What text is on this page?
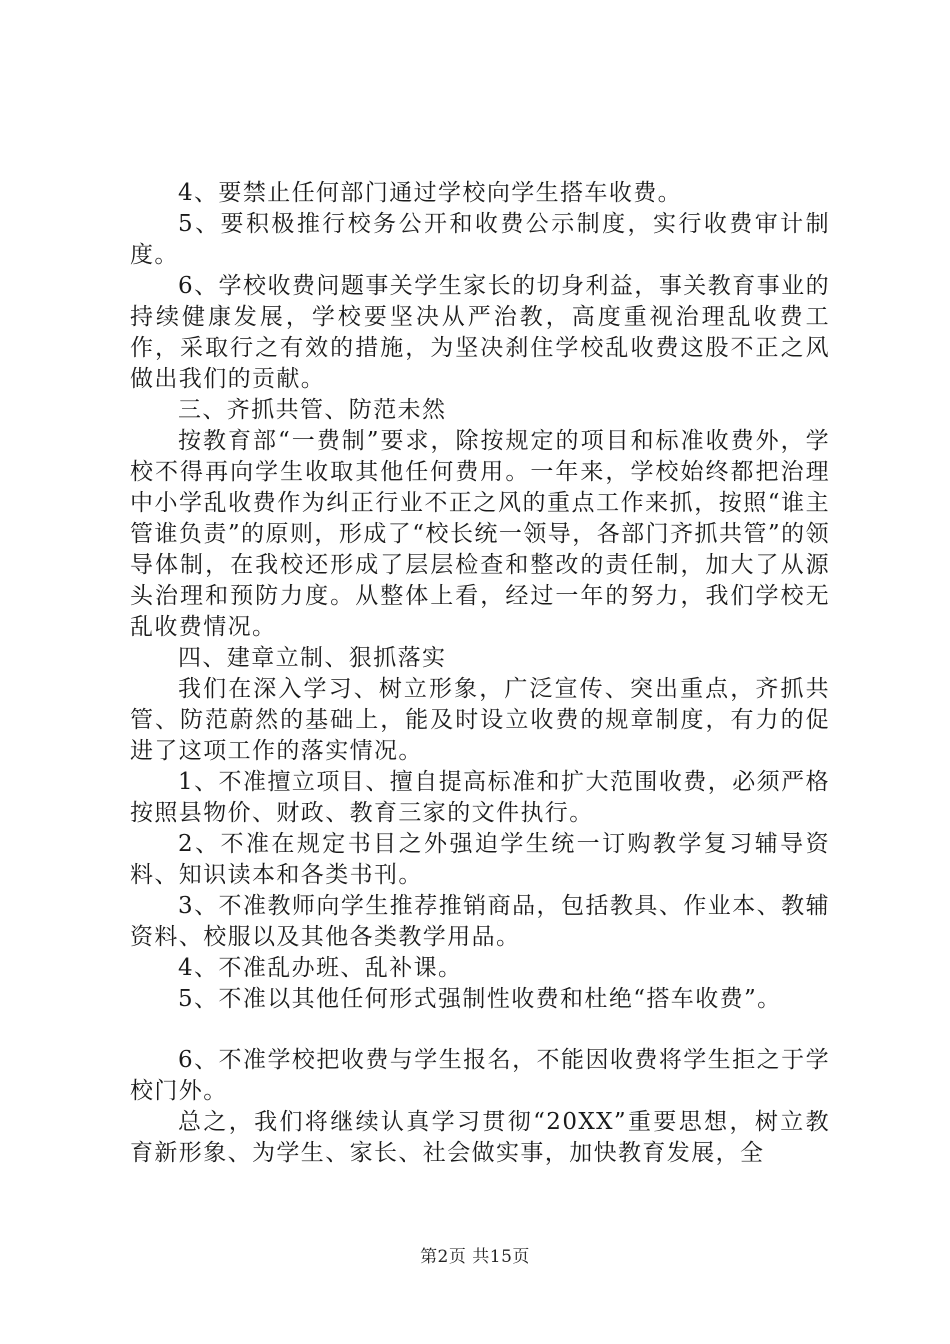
4、要禁止任何部门通过学校向学生搭车收费。

5、要积极推行校务公开和收费公示制度，实行收费审计制度。

6、学校收费问题事关学生家长的切身利益，事关教育事业的持续健康发展，学校要坚决从严治教，高度重视治理乱收费工作，采取行之有效的措施，为坚决刹住学校乱收费这股不正之风做出我们的贡献。

三、齐抓共管、防范未然

按教育部“一费制”要求，除按规定的项目和标准收费外，学校不得再向学生收取其他任何费用。一年来，学校始终都把治理中小学乱收费作为纠正行业不正之风的重点工作来抓，按照“谁主管谁负责”的原则，形成了“校长统一领导，各部门齐抓共管”的领导体制，在我校还形成了层层检查和整改的责任制，加大了从源头治理和预防力度。从整体上看，经过一年的努力，我们学校无乱收费情况。

四、建章立制、狠抓落实

我们在深入学习、树立形象，广泛宣传、突出重点，齐抓共管、防范蔚然的基础上，能及时设立收费的规章制度，有力的促进了这项工作的落实情况。

1、不准擅立项目、擅自提高标准和扩大范围收费，必须严格按照县物价、财政、教育三家的文件执行。

2、不准在规定书目之外强迫学生统一订购教学复习辅导资料、知识读本和各类书刊。

3、不准教师向学生推荐推销商品，包括教具、作业本、教辅资料、校服以及其他各类教学用品。

4、不准乱办班、乱补课。

5、不准以其他任何形式强制性收费和杜绝“搭车收费”。

6、不准学校把收费与学生报名，不能因收费将学生拒之于学校门外。

总之，我们将继续认真学习贯彻“20XX”重要思想，树立教育新形象、为学生、家长、社会做实事，加快教育发展，全

第2页 共15页
